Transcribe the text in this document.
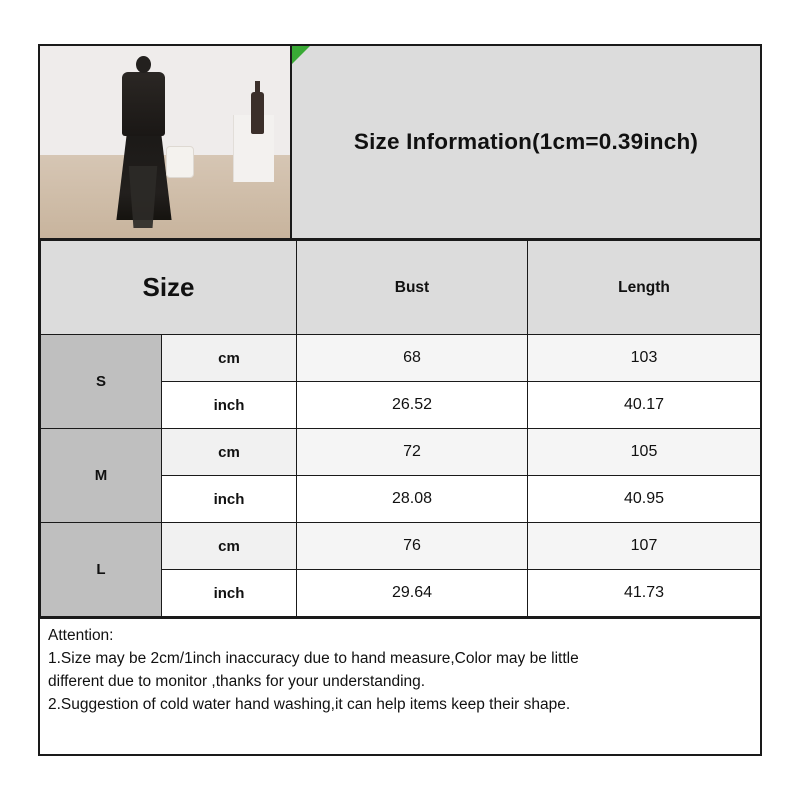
Size Information(1cm=0.39inch)
Size		Bust	Length
S	cm	68	103
	inch	26.52	40.17
M	cm	72	105
	inch	28.08	40.95
L	cm	76	107
	inch	29.64	41.73

Attention:

1.Size may be 2cm/1inch inaccuracy due to hand measure,Color may be little

different due to monitor ,thanks for your understanding.

2.Suggestion of cold water hand washing,it can help items keep their shape.
